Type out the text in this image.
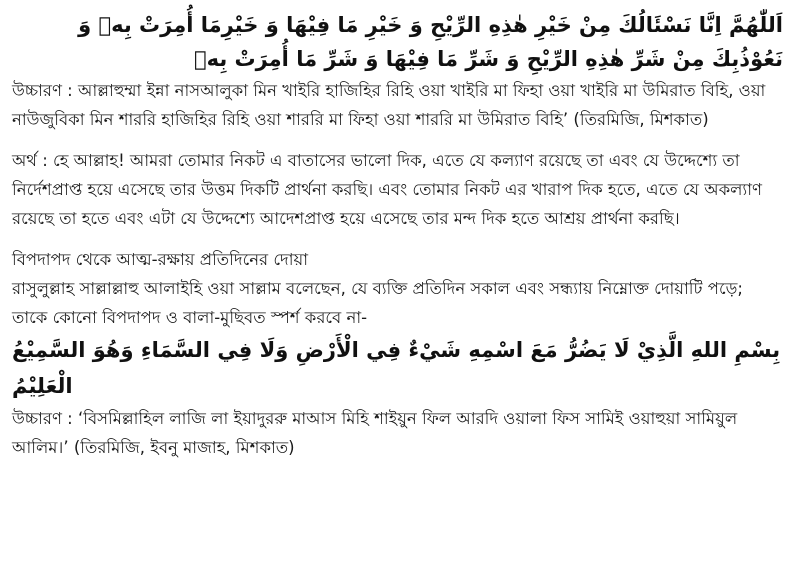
اَللّٰهُمَّ اِنَّا نَسْئَالُكَ مِنْ خَيْرِ هٰذِهِ الرِّيْحِ وَ خَيْرِ مَا فِيْهَا وَ خَيْرِمَا أُمِرَتْ بِهٖ وَ نَعُوْذُبِكَ مِنْ شَرِّ هٰذِهِ الرِّيْحِ وَ شَرِّ مَا فِيْهَا وَ شَرِّ مَا أُمِرَتْ بِهٖ

উচ্চারণ : আল্লাহুম্মা ইন্না নাসআলুকা মিন খাইরি হাজিহির রিহি ওয়া খাইরি মা ফিহা ওয়া খাইরি মা উমিরাত বিহি, ওয়া নাউজুবিকা মিন শাররি হাজিহির রিহি ওয়া শাররি মা ফিহা ওয়া শাররি মা উমিরাত বিহি’ (তিরমিজি, মিশকাত)

অর্থ : হে আল্লাহ! আমরা তোমার নিকট এ বাতাসের ভালো দিক, এতে যে কল্যাণ রয়েছে তা এবং যে উদ্দেশ্যে তা নির্দেশপ্রাপ্ত হয়ে এসেছে তার উত্তম দিকটি প্রার্থনা করছি। এবং তোমার নিকট এর খারাপ দিক হতে, এতে যে অকল্যাণ রয়েছে তা হতে এবং এটা যে উদ্দেশ্যে আদেশপ্রাপ্ত হয়ে এসেছে তার মন্দ দিক হতে আশ্রয় প্রার্থনা করছি।

বিপদাপদ থেকে আত্ম-রক্ষায় প্রতিদিনের দোয়া

রাসুলুল্লাহ সাল্লাল্লাহু আলাইহি ওয়া সাল্লাম বলেছেন, যে ব্যক্তি প্রতিদিন সকাল এবং সন্ধ্যায় নিম্নোক্ত দোয়াটি পড়ে; তাকে কোনো বিপদাপদ ও বালা-মুছিবত স্পর্শ করবে না-

بِسْمِ اللهِ الَّذِيْ لَا يَضُرُّ مَعَ اسْمِهِ شَيْءٌ فِي الْأَرْضِ وَلَا فِي السَّمَاءِ وَهُوَ السَّمِيْعُ الْعَلِيْمُ

উচ্চারণ : ‘বিসমিল্লাহিল লাজি লা ইয়াদুররু মাআস মিহি শাইয়ুন ফিল আরদি ওয়ালা ফিস সামিই ওয়াহুয়া সামিয়ুল আলিম।’ (তিরমিজি, ইবনু মাজাহ, মিশকাত)
